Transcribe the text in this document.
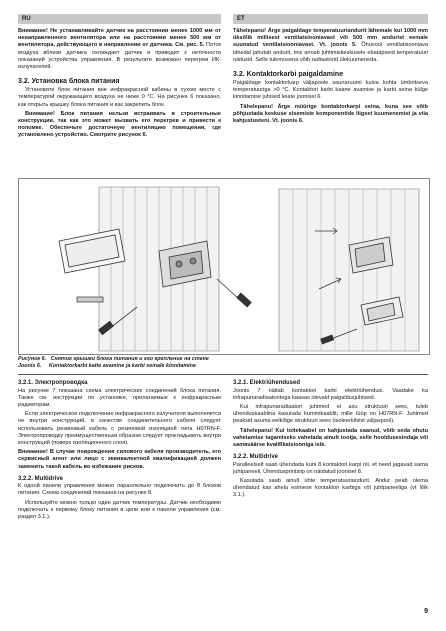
RU	ET

Внимание! Не устанавливайте датчик на расстоянии менее 1000 мм от ненаправленного вентилятора или на расстоянии менее 500 мм от вентилятора, действующего в направлении от датчика. См. рис. 5. Поток воздуха вблизи датчика охлаждает датчик и приводит к неточности показаний устройства управления. В результате возможен перегрев ИК-излучателей.

3.2. Установка блока питания

Установите блок питания вне инфракрасной кабины в сухом месте с температурой окружающего воздуха не ниже 0 °C. На рисунке 6 показано, как открыть крышку блока питания и как закрепить блок.

Внимание! Блок питания нельзя встраивать в строительные конструкции, так как это может вызвать его перегрев и привести к поломке. Обеспечьте достаточную вентиляцию помещения, где установлено устройство. Смотрите рисунок 6.

Tähelepanu! Ärge paigaldage temperatuuriandurit lähemale kui 1000 mm üksõlik millisest ventilatsiooniavast või 500 mm andurist eemale suunatud ventilatsiooniavast. Vt. joonis 5. Õhuvool ventilatsiooniava lähedal jahutab andurit, mis annab juhtimiskeskusele ebatäpseid temperatuuri näitusid. Selle tulemusena võib radiaatorid ülekuumeneda.

3.2. Kontaktorkarbi paigaldamine

Paigaldage kontaktorkarp väljapoole saunaruumi kuiva kohta ümbritseva temperatuuriga >0 °C. Kontaktori karbi kaane avamise ja karbi seina külge kinnitamise juhised leiate joonisel 6.

Tähelepanu! Ärge müürige kontaktorkarpi seina, kuna see võib põhjustada keskuse sisemiste komponentide liigset kuumenemist ja viia kahjustusteni. Vt. joonis 6.

Рисунок 6. Снятие крышки блока питания и его крепление на стене
Joonis 6. Kontaktorkarbi katte avamine ja karbi seinale kinnitamine
3.2.1. Электропроводка

На рисунке 7 показана схема электрических соединений блока питания. Также см. инструкции по установке, прилагаемые к инфракрасным радиаторам.

Если электрическое подключение инфракрасного излучателя выполняется не внутри конструкций, в качестве соединительного кабеля следует использовать резиновый кабель с резиновой изоляцией типа H07RN-F. Электропроводку преимущественным образом следует прокладывать внутри конструкций (поверх изоляционного слоя).

Внимание! В случае повреждения силового кабеля производитель, его сервисный агент или лицо с эквивалентной квалификацией должен заменить такой кабель во избежание рисков.

3.2.2. Multidrive

К одной панели управления можно параллельно подключить до 8 блоков питания. Схема соединений показана на рисунке 8.

Используйте можно только один датчик температуры. Датчик необходимо подключать к первому блоку питания в цепи или к панели управления (см. раздел 3.1.).

3.2.1. Elektriühendused

Joonis 7 näitab kontaktori karbi elektriühendusi. Vaadake ka infrapunaradiaatoritega kaasas olevaid paigaldusjuhiseid.

Kui infrapunaradiaatori juhtmed ei asu struktuuri sees, tuleb ühenduskaablina kasutada kummikaablit, mille tüüp on H07RN-F. Juhtmed peaksid asuma eelkõige struktuuri sees (isoleerkihiist väljaspool).

Tähelepanu! Kui toitekaabel on kahjustada saanud, võib seda ohutu vahetamise tagamiseks vahetada ainult tootja, selle hooldusesindaja või samaväärse kvalifikatsiooniga isik.

3.2.2. Multidrive

Paralleelselt saab ühendada kuni 8 kontaktori karpi nii, et need jagavad sama juhtpaneeli. Ühendusprintsiip on näidatud joonisel 8.

Kasutada saab ainult ühte temperatuuriandurit. Andur peab olema ühendatud kas ahela esimese kontaktori karbiga või juhtpaneeliga (vt lõik 3.1.).

9
